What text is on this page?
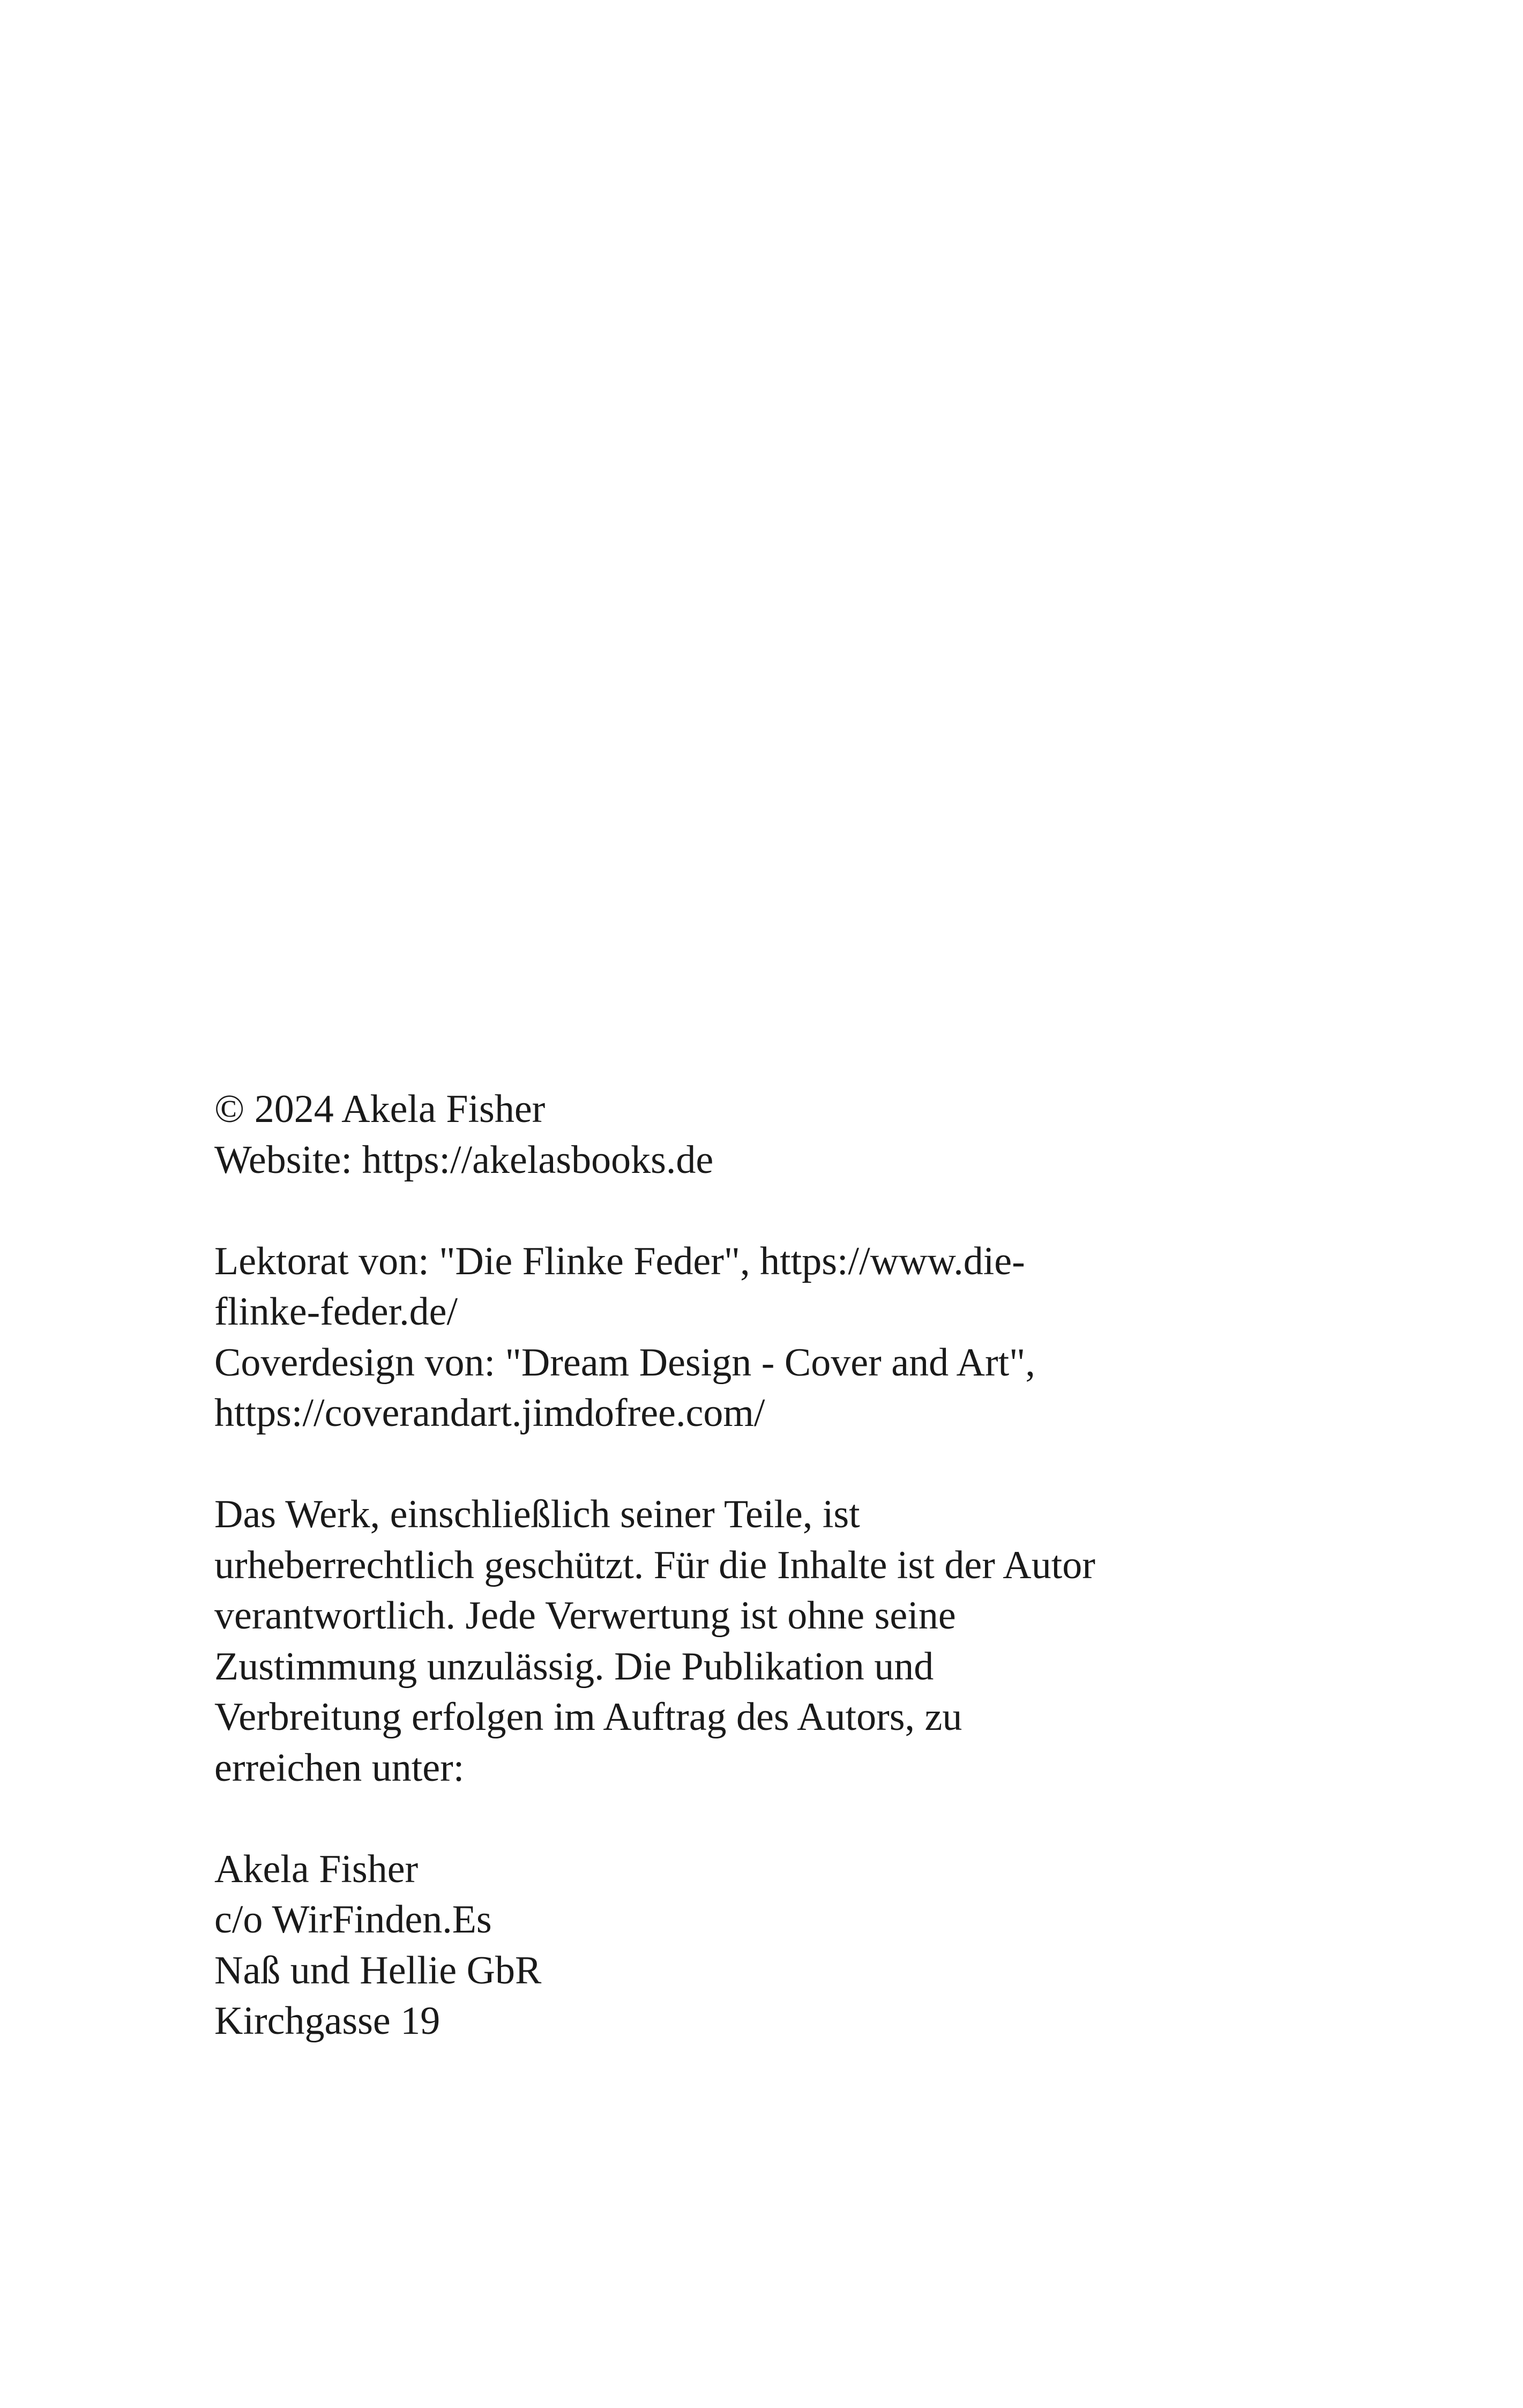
© 2024 Akela Fisher
Website: https://akelasbooks.de
Lektorat von: "Die Flinke Feder", https://www.die-
flinke-feder.de/
Coverdesign von: "Dream Design - Cover and Art",
https://coverandart.jimdofree.com/
Das Werk, einschließlich seiner Teile, ist
urheberrechtlich geschützt. Für die Inhalte ist der Autor
verantwortlich. Jede Verwertung ist ohne seine
Zustimmung unzulässig. Die Publikation und
Verbreitung erfolgen im Auftrag des Autors, zu
erreichen unter:
Akela Fisher
c/o WirFinden.Es
Naß und Hellie GbR
Kirchgasse 19
